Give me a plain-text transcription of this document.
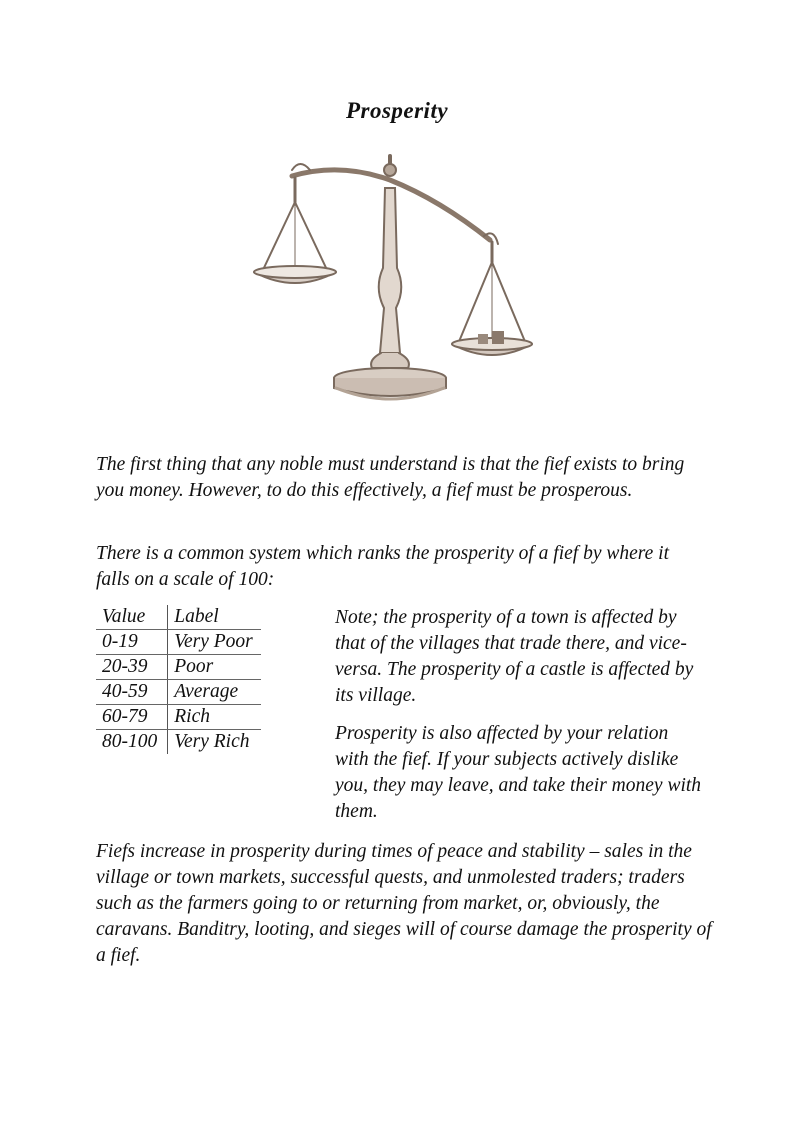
Prosperity

The first thing that any noble must understand is that the fief exists to bring you money. However, to do this effectively, a fief must be prosperous.

There is a common system which ranks the prosperity of a fief by where it falls on a scale of 100:

Value	Label
0-19	Very Poor
20-39	Poor
40-59	Average
60-79	Rich
80-100	Very Rich

Note; the prosperity of a town is affected by that of the villages that trade there, and vice-versa. The prosperity of a castle is affected by its village.

Prosperity is also affected by your relation with the fief. If your subjects actively dislike you, they may leave, and take their money with them.

Fiefs increase in prosperity during times of peace and stability – sales in the village or town markets, successful quests, and unmolested traders; traders such as the farmers going to or returning from market, or, obviously, the caravans. Banditry, looting, and sieges will of course damage the prosperity of a fief.
